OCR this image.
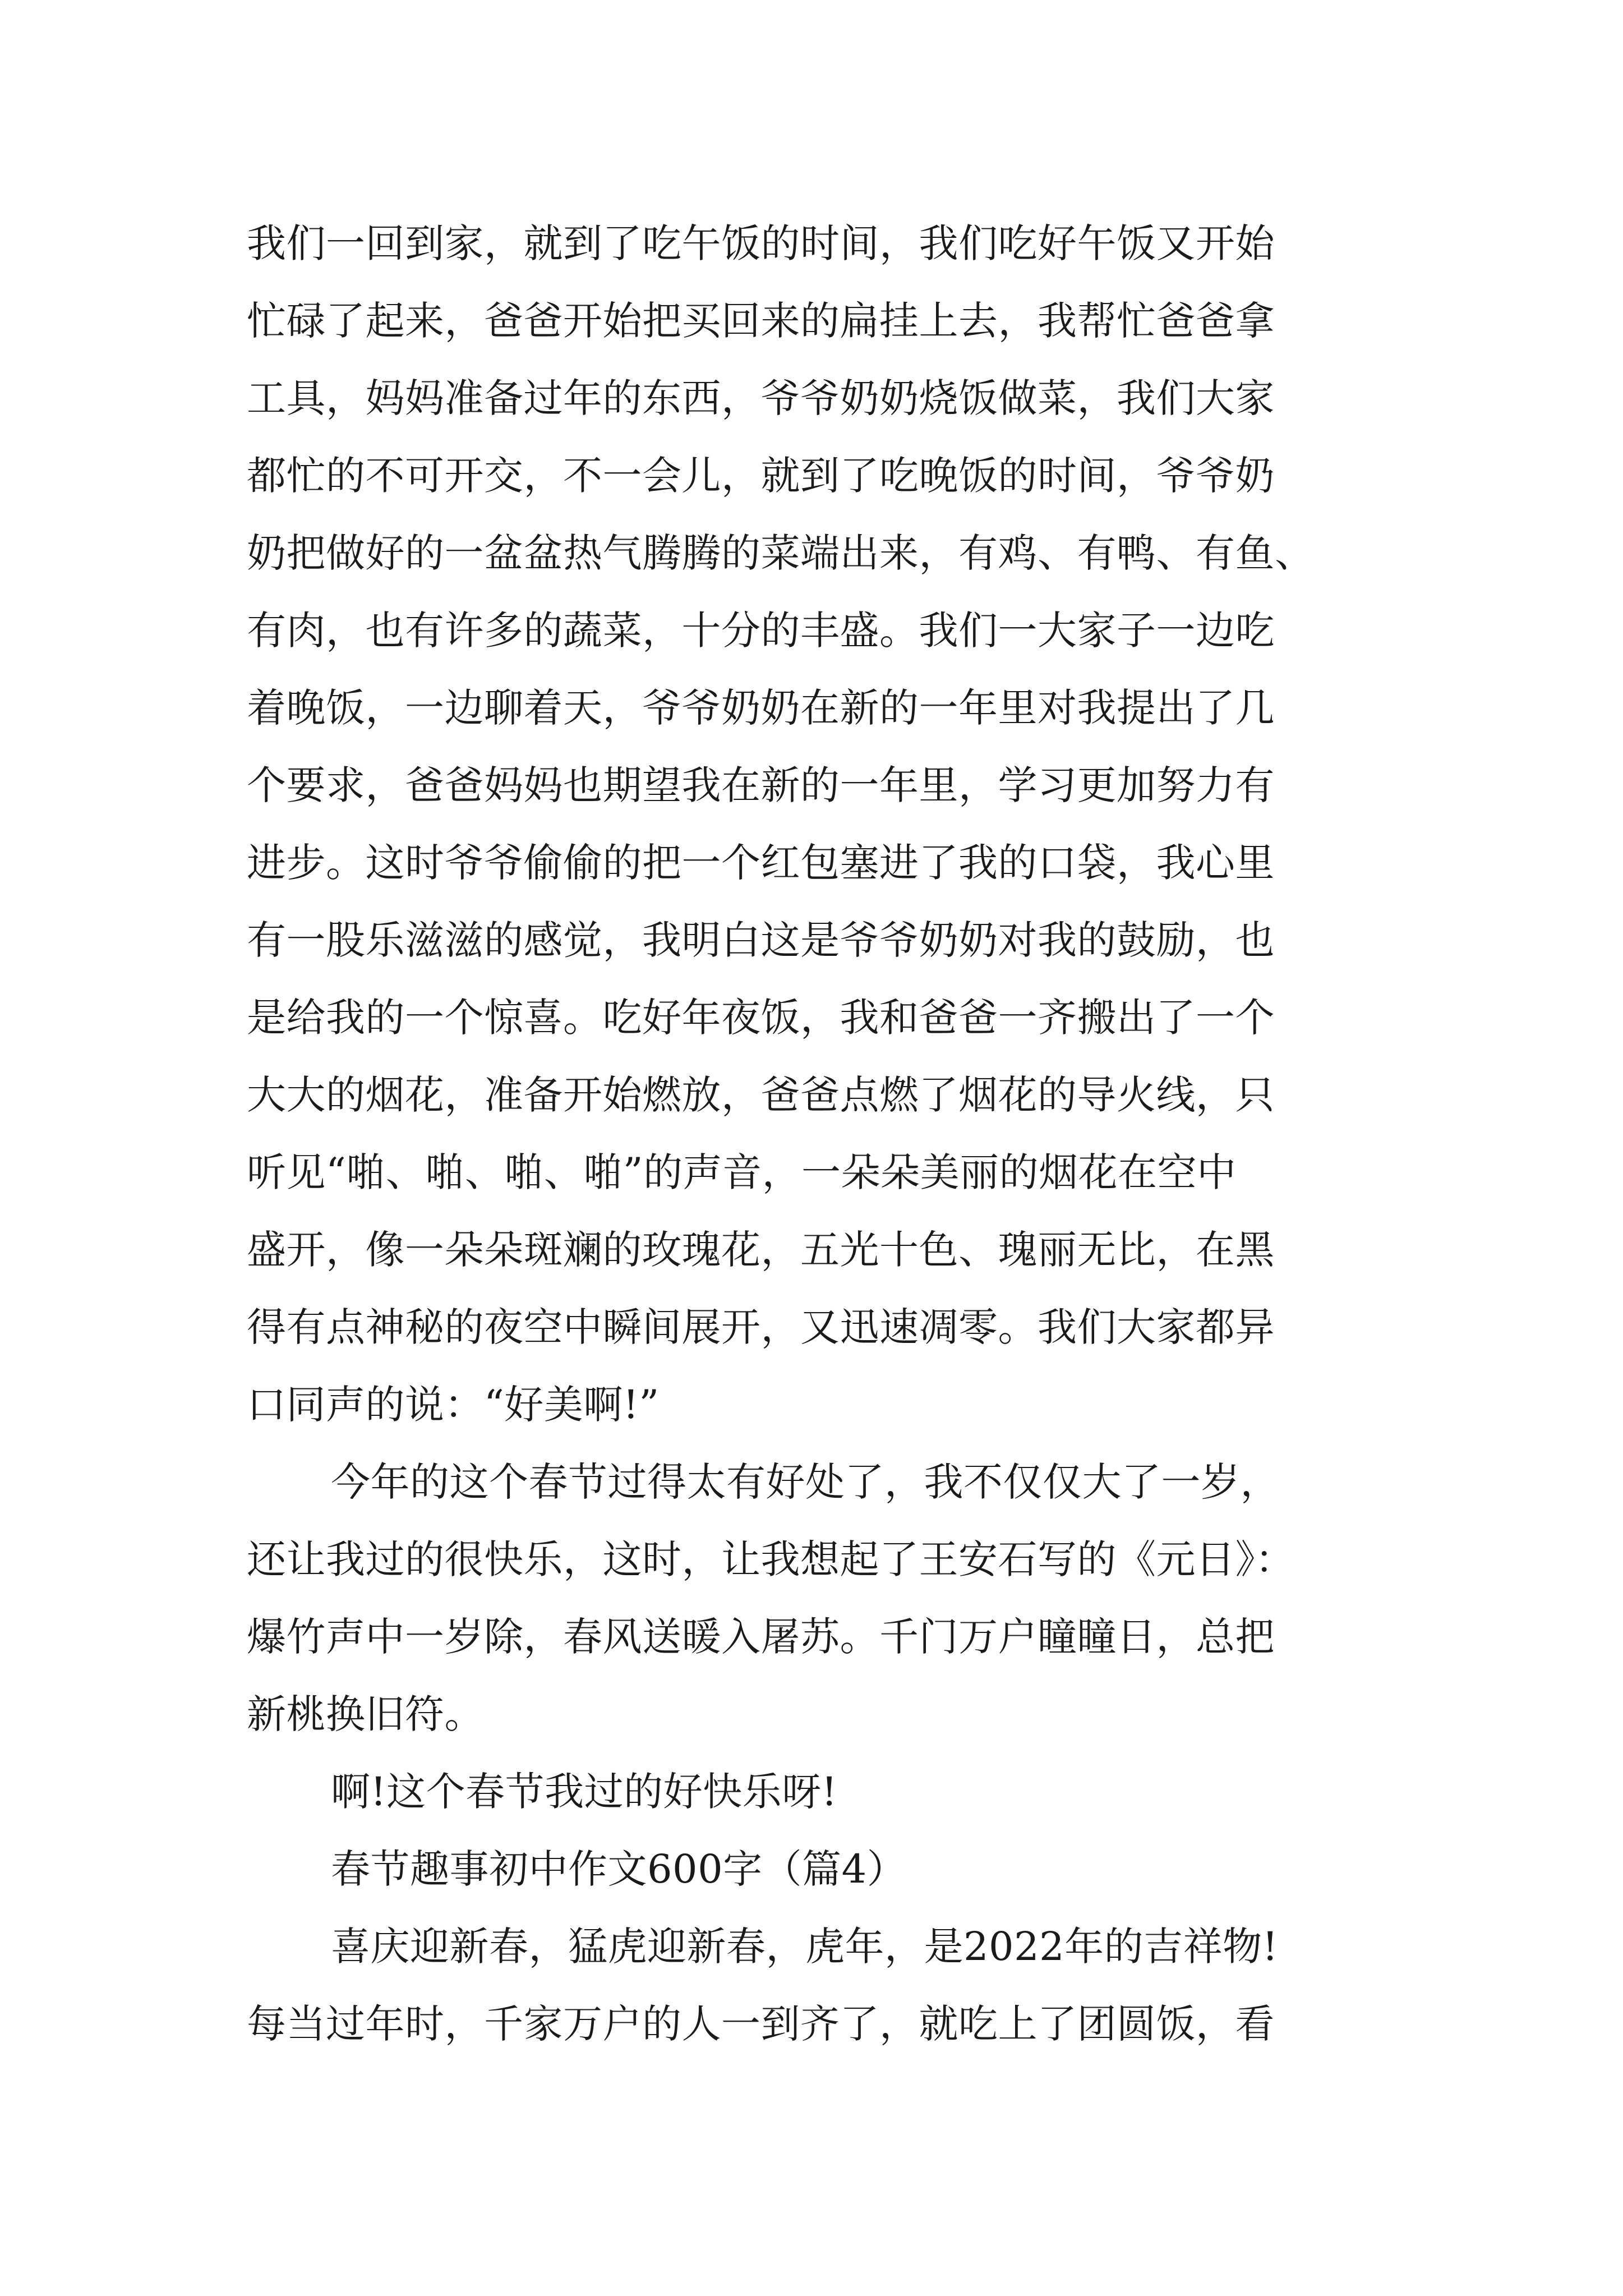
我们一回到家，就到了吃午饭的时间，我们吃好午饭又开始
忙碌了起来，爸爸开始把买回来的扁挂上去，我帮忙爸爸拿
工具，妈妈准备过年的东西，爷爷奶奶烧饭做菜，我们大家
都忙的不可开交，不一会儿，就到了吃晚饭的时间，爷爷奶
奶把做好的一盆盆热气腾腾的菜端出来，有鸡、有鸭、有鱼、
有肉，也有许多的蔬菜，十分的丰盛。我们一大家子一边吃
着晚饭，一边聊着天，爷爷奶奶在新的一年里对我提出了几
个要求，爸爸妈妈也期望我在新的一年里，学习更加努力有
进步。这时爷爷偷偷的把一个红包塞进了我的口袋，我心里
有一股乐滋滋的感觉，我明白这是爷爷奶奶对我的鼓励，也
是给我的一个惊喜。吃好年夜饭，我和爸爸一齐搬出了一个
大大的烟花，准备开始燃放，爸爸点燃了烟花的导火线，只
听见“啪、啪、啪、啪”的声音，一朵朵美丽的烟花在空中
盛开，像一朵朵斑斓的玫瑰花，五光十色、瑰丽无比，在黑
得有点神秘的夜空中瞬间展开，又迅速凋零。我们大家都异
口同声的说：“好美啊!”
今年的这个春节过得太有好处了，我不仅仅大了一岁，
还让我过的很快乐，这时，让我想起了王安石写的《元日》：
爆竹声中一岁除，春风送暖入屠苏。千门万户瞳瞳日，总把
新桃换旧符。
啊!这个春节我过的好快乐呀!
春节趣事初中作文600字（篇4）
喜庆迎新春，猛虎迎新春，虎年，是2022年的吉祥物!
每当过年时，千家万户的人一到齐了，就吃上了团圆饭，看
